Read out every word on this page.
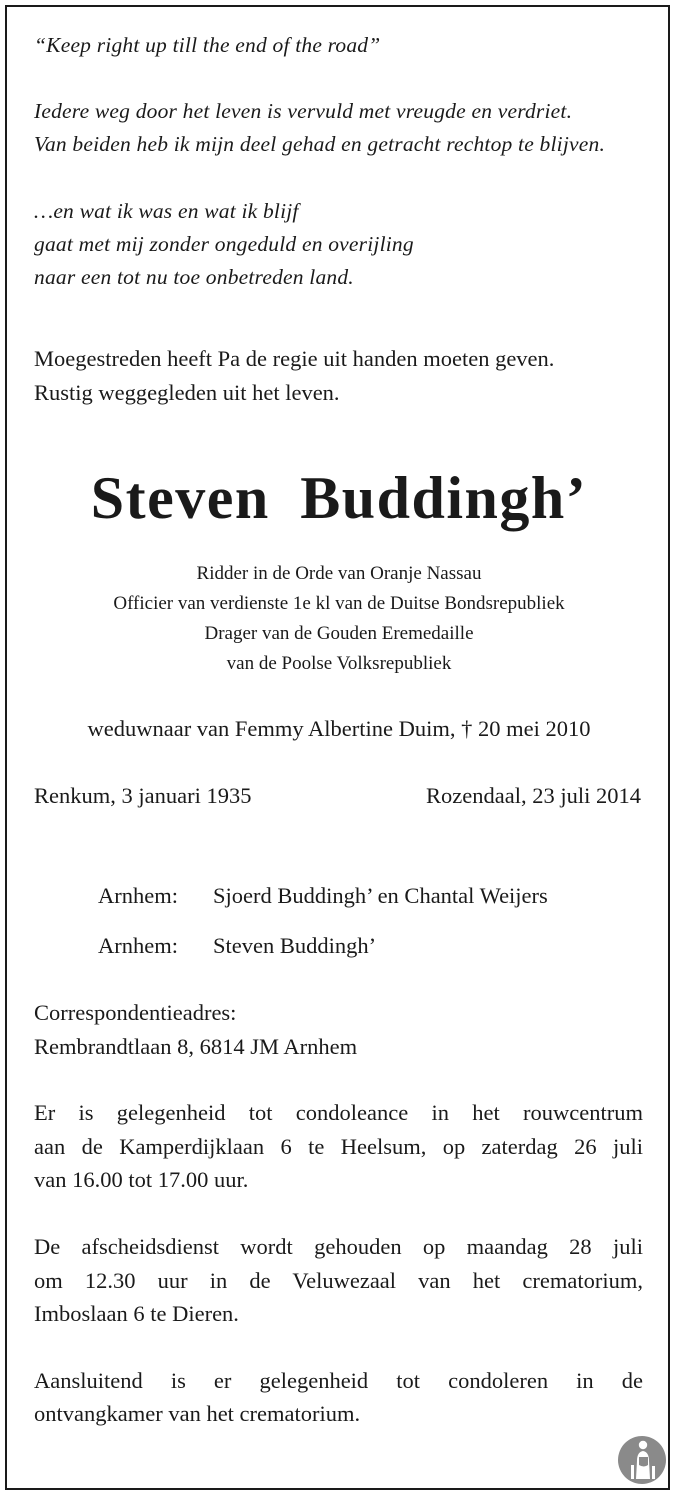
“Keep right up till the end of the road”

Iedere weg door het leven is vervuld met vreugde en verdriet.

Van beiden heb ik mijn deel gehad en getracht rechtop te blijven.

…en wat ik was en wat ik blijf

gaat met mij zonder ongeduld en overijling

naar een tot nu toe onbetreden land.

Moegestreden heeft Pa de regie uit handen moeten geven.

Rustig weggegleden uit het leven.

Steven Buddingh’

Ridder in de Orde van Oranje Nassau

Officier van verdienste 1e kl van de Duitse Bondsrepubliek

Drager van de Gouden Eremedaille

van de Poolse Volksrepubliek

weduwnaar van Femmy Albertine Duim, † 20 mei 2010

Renkum, 3 januari 1935	Rozendaal, 23 juli 2014

Arnhem: Sjoerd Buddingh’ en Chantal Weijers

Arnhem: Steven Buddingh’

Correspondentieadres:

Rembrandtlaan 8, 6814 JM Arnhem

Er is gelegenheid tot condoleance in het rouwcentrum

aan de Kamperdijklaan 6 te Heelsum, op zaterdag 26 juli

van 16.00 tot 17.00 uur.

De afscheidsdienst wordt gehouden op maandag 28 juli

om 12.30 uur in de Veluwezaal van het crematorium,

Imboslaan 6 te Dieren.

Aansluitend is er gelegenheid tot condoleren in de

ontvangkamer van het crematorium.
